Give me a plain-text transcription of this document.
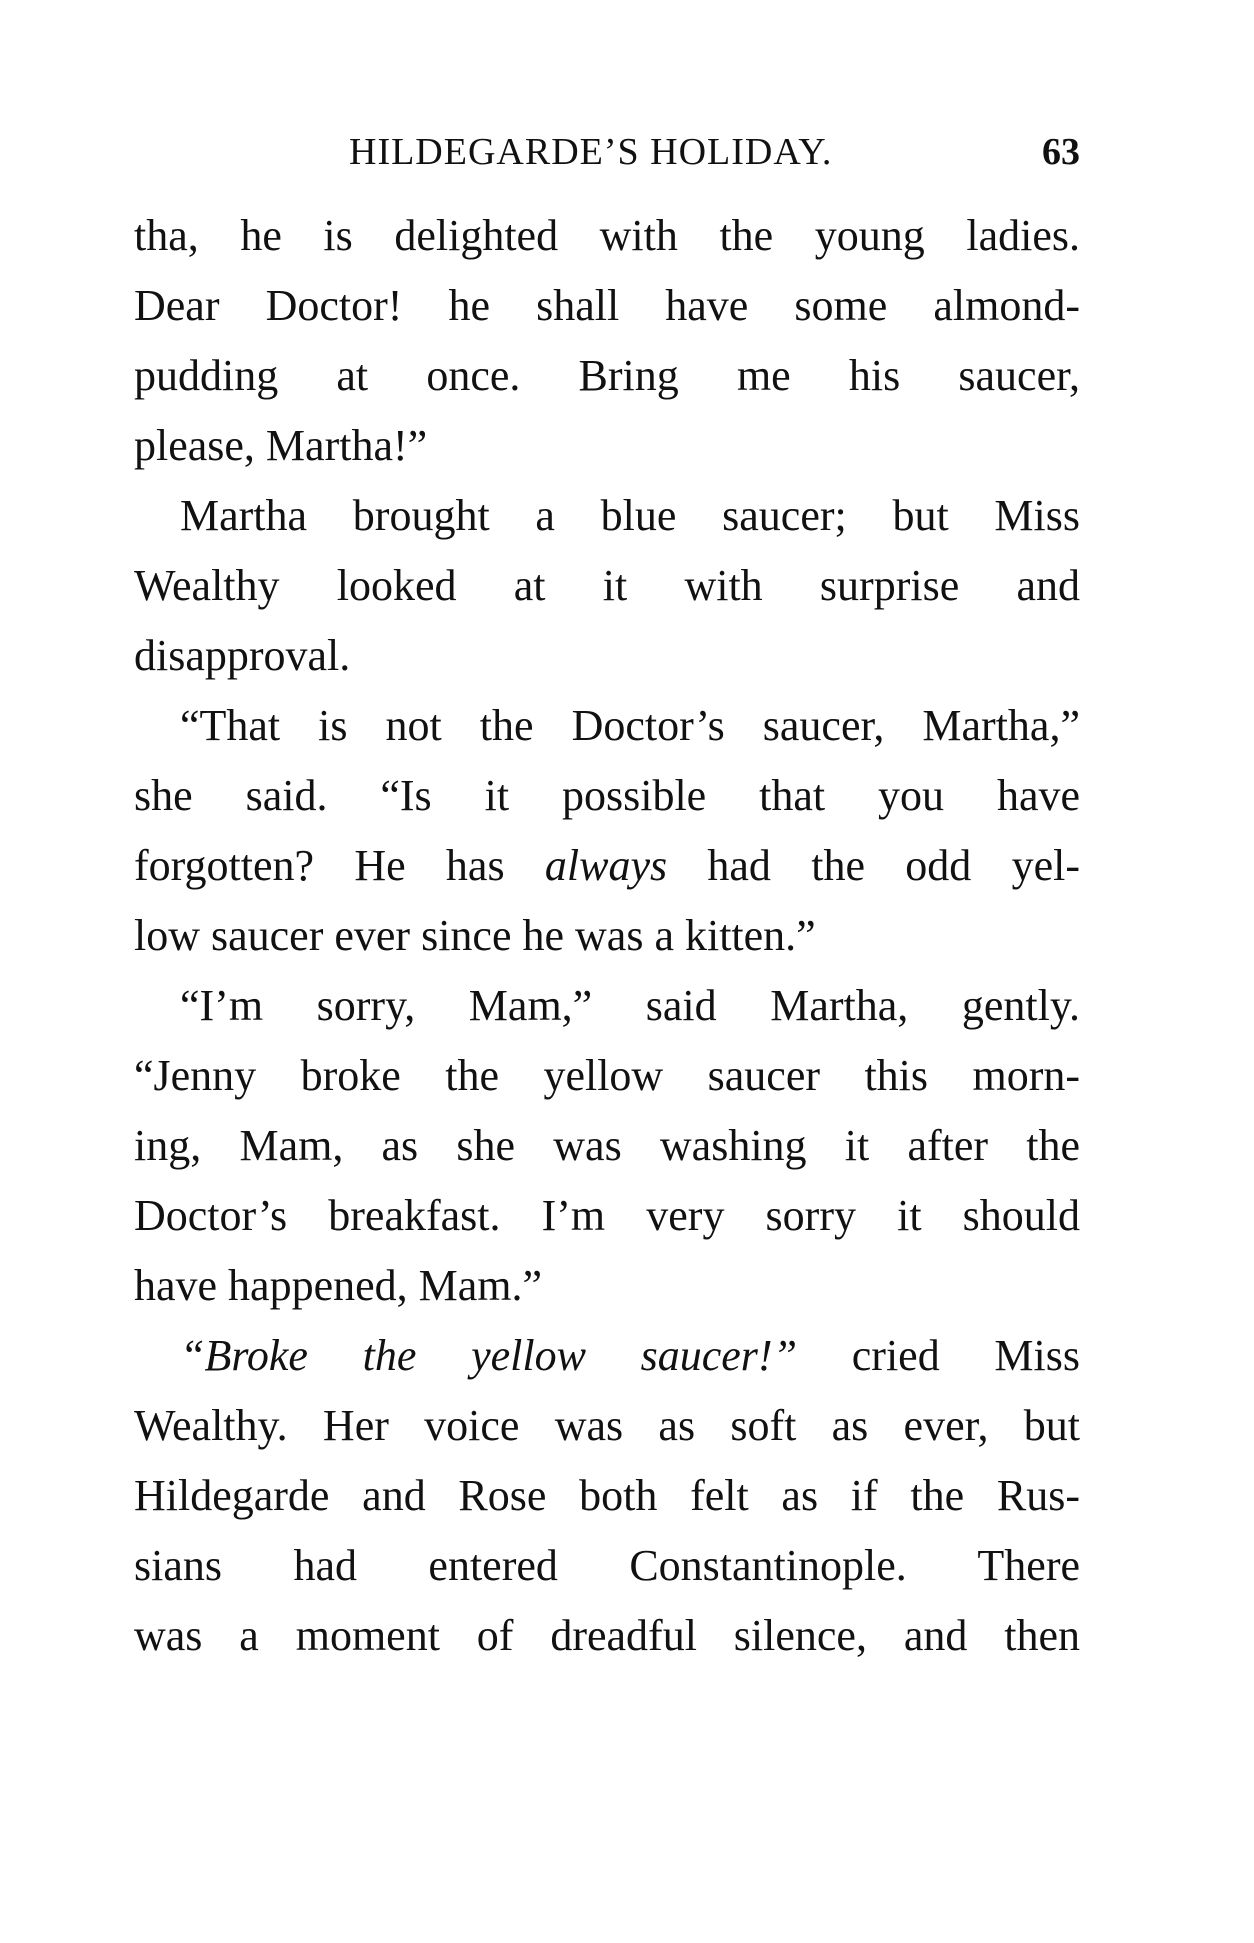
HILDEGARDE’S HOLIDAY.	63
tha, he is delighted with the young ladies.
Dear Doctor! he shall have some almond-
pudding at once. Bring me his saucer,
please, Martha!”
Martha brought a blue saucer; but Miss
Wealthy looked at it with surprise and
disapproval.
“That is not the Doctor’s saucer, Martha,”
she said. “Is it possible that you have
forgotten? He has always had the odd yel-
low saucer ever since he was a kitten.”
“I’m sorry, Mam,” said Martha, gently.
“Jenny broke the yellow saucer this morn-
ing, Mam, as she was washing it after the
Doctor’s breakfast. I’m very sorry it should
have happened, Mam.”
“Broke the yellow saucer!” cried Miss
Wealthy. Her voice was as soft as ever, but
Hildegarde and Rose both felt as if the Rus-
sians had entered Constantinople. There
was a moment of dreadful silence, and then
